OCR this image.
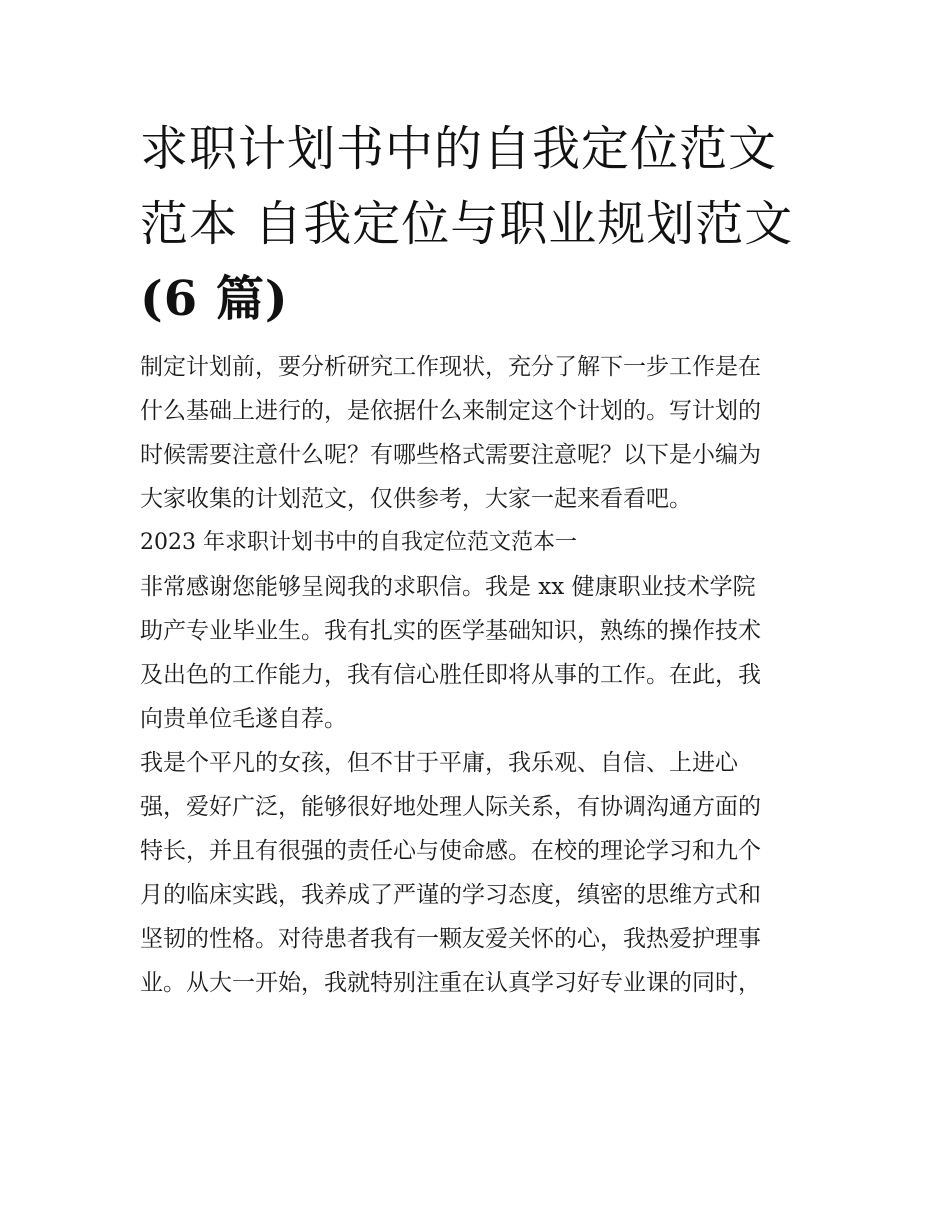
求职计划书中的自我定位范文
范本 自我定位与职业规划范文
(6 篇)

制定计划前，要分析研究工作现状，充分了解下一步工作是在
什么基础上进行的，是依据什么来制定这个计划的。写计划的
时候需要注意什么呢？有哪些格式需要注意呢？以下是小编为
大家收集的计划范文，仅供参考，大家一起来看看吧。

2023 年求职计划书中的自我定位范文范本一

非常感谢您能够呈阅我的求职信。我是 xx 健康职业技术学院
助产专业毕业生。我有扎实的医学基础知识，熟练的操作技术
及出色的工作能力，我有信心胜任即将从事的工作。在此，我
向贵单位毛遂自荐。

我是个平凡的女孩，但不甘于平庸，我乐观、自信、上进心
强，爱好广泛，能够很好地处理人际关系，有协调沟通方面的
特长，并且有很强的责任心与使命感。在校的理论学习和九个
月的临床实践，我养成了严谨的学习态度，缜密的思维方式和
坚韧的性格。对待患者我有一颗友爱关怀的心，我热爱护理事
业。从大一开始，我就特别注重在认真学习好专业课的同时，
